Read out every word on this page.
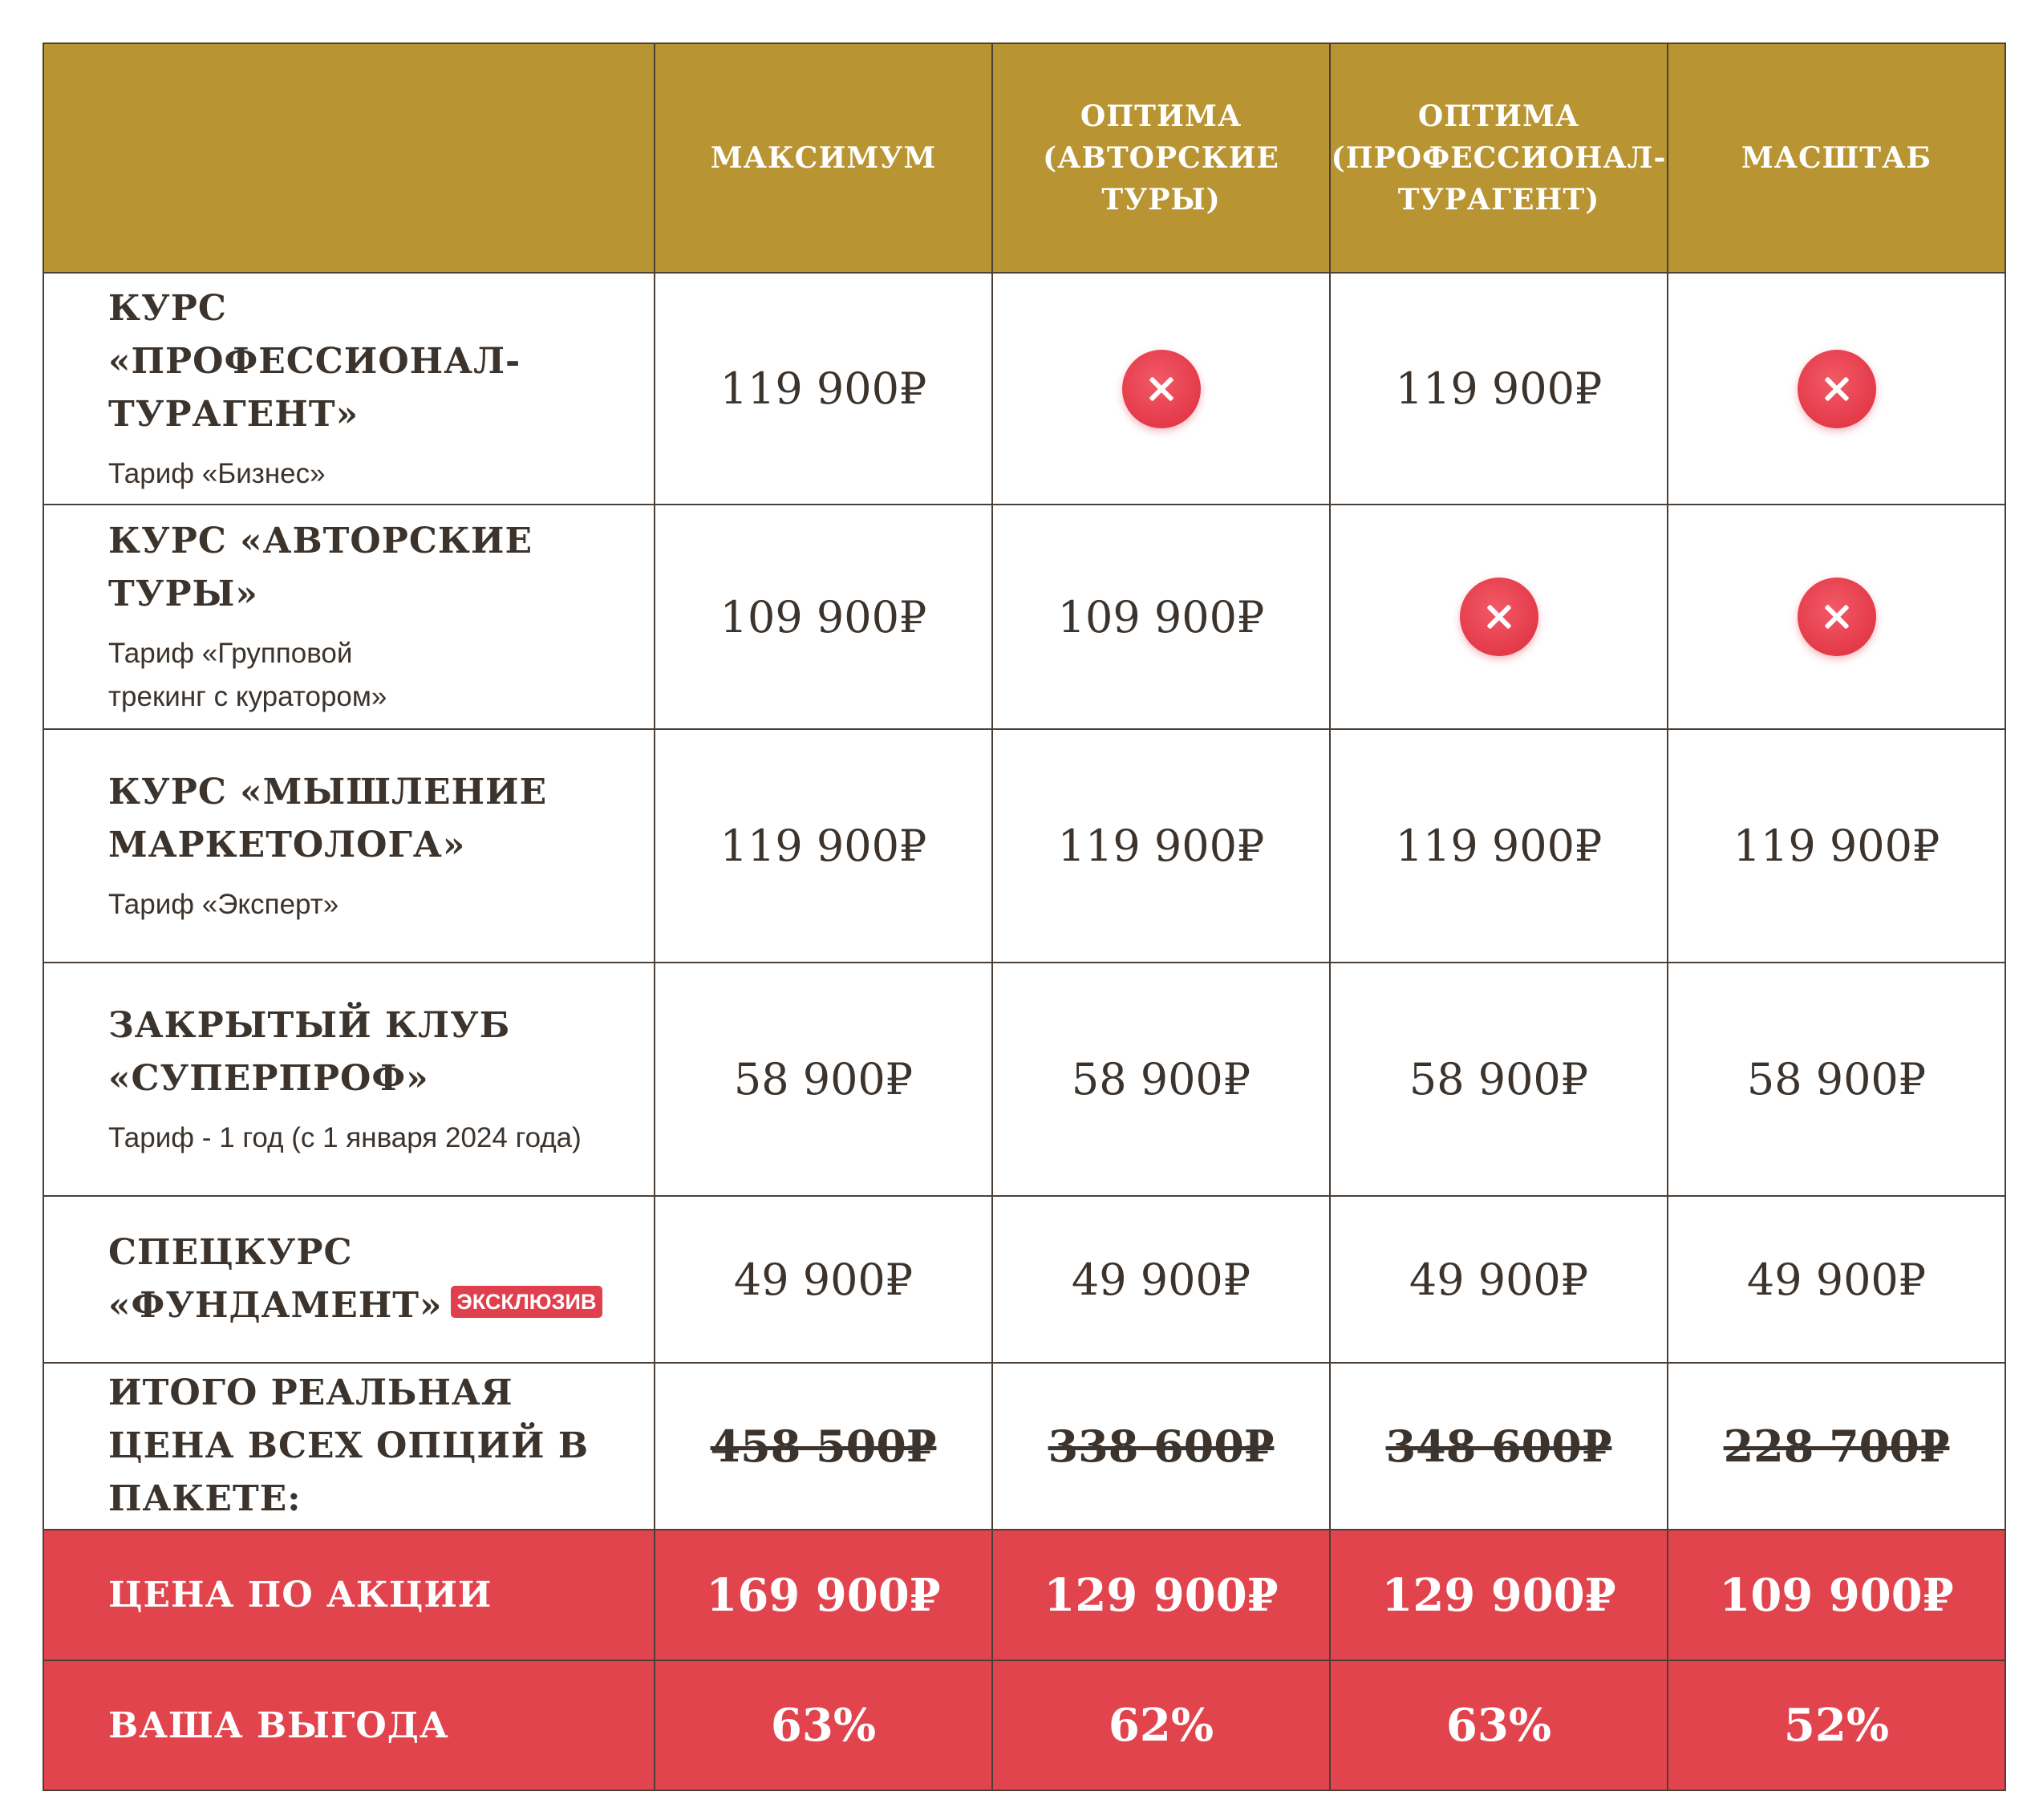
	МАКСИМУМ	ОПТИМА (АВТОРСКИЕ ТУРЫ)	ОПТИМА (ПРОФЕССИОНАЛ-ТУРАГЕНТ)	МАСШТАБ

КУРС «ПРОФЕССИОНАЛ-ТУРАГЕНТ»
Тариф «Бизнес»	119 900₽		119 900₽	

КУРС «АВТОРСКИЕ ТУРЫ»
Тариф «Групповой
трекинг с куратором»	109 900₽	109 900₽		

КУРС «МЫШЛЕНИЕ МАРКЕТОЛОГА»
Тариф «Эксперт»	119 900₽	119 900₽	119 900₽	119 900₽

ЗАКРЫТЫЙ КЛУБ «СУПЕРПРОФ»
Тариф - 1 год (с 1 января 2024 года)	58 900₽	58 900₽	58 900₽	58 900₽

СПЕЦКУРС «ФУНДАМЕНТ» ЭКСКЛЮЗИВ	49 900₽	49 900₽	49 900₽	49 900₽

ИТОГО РЕАЛЬНАЯ ЦЕНА ВСЕХ ОПЦИЙ В ПАКЕТЕ:	458 500₽	338 600₽	348 600₽	228 700₽
ЦЕНА ПО АКЦИИ	169 900₽	129 900₽	129 900₽	109 900₽
ВАША ВЫГОДА	63%	62%	63%	52%
